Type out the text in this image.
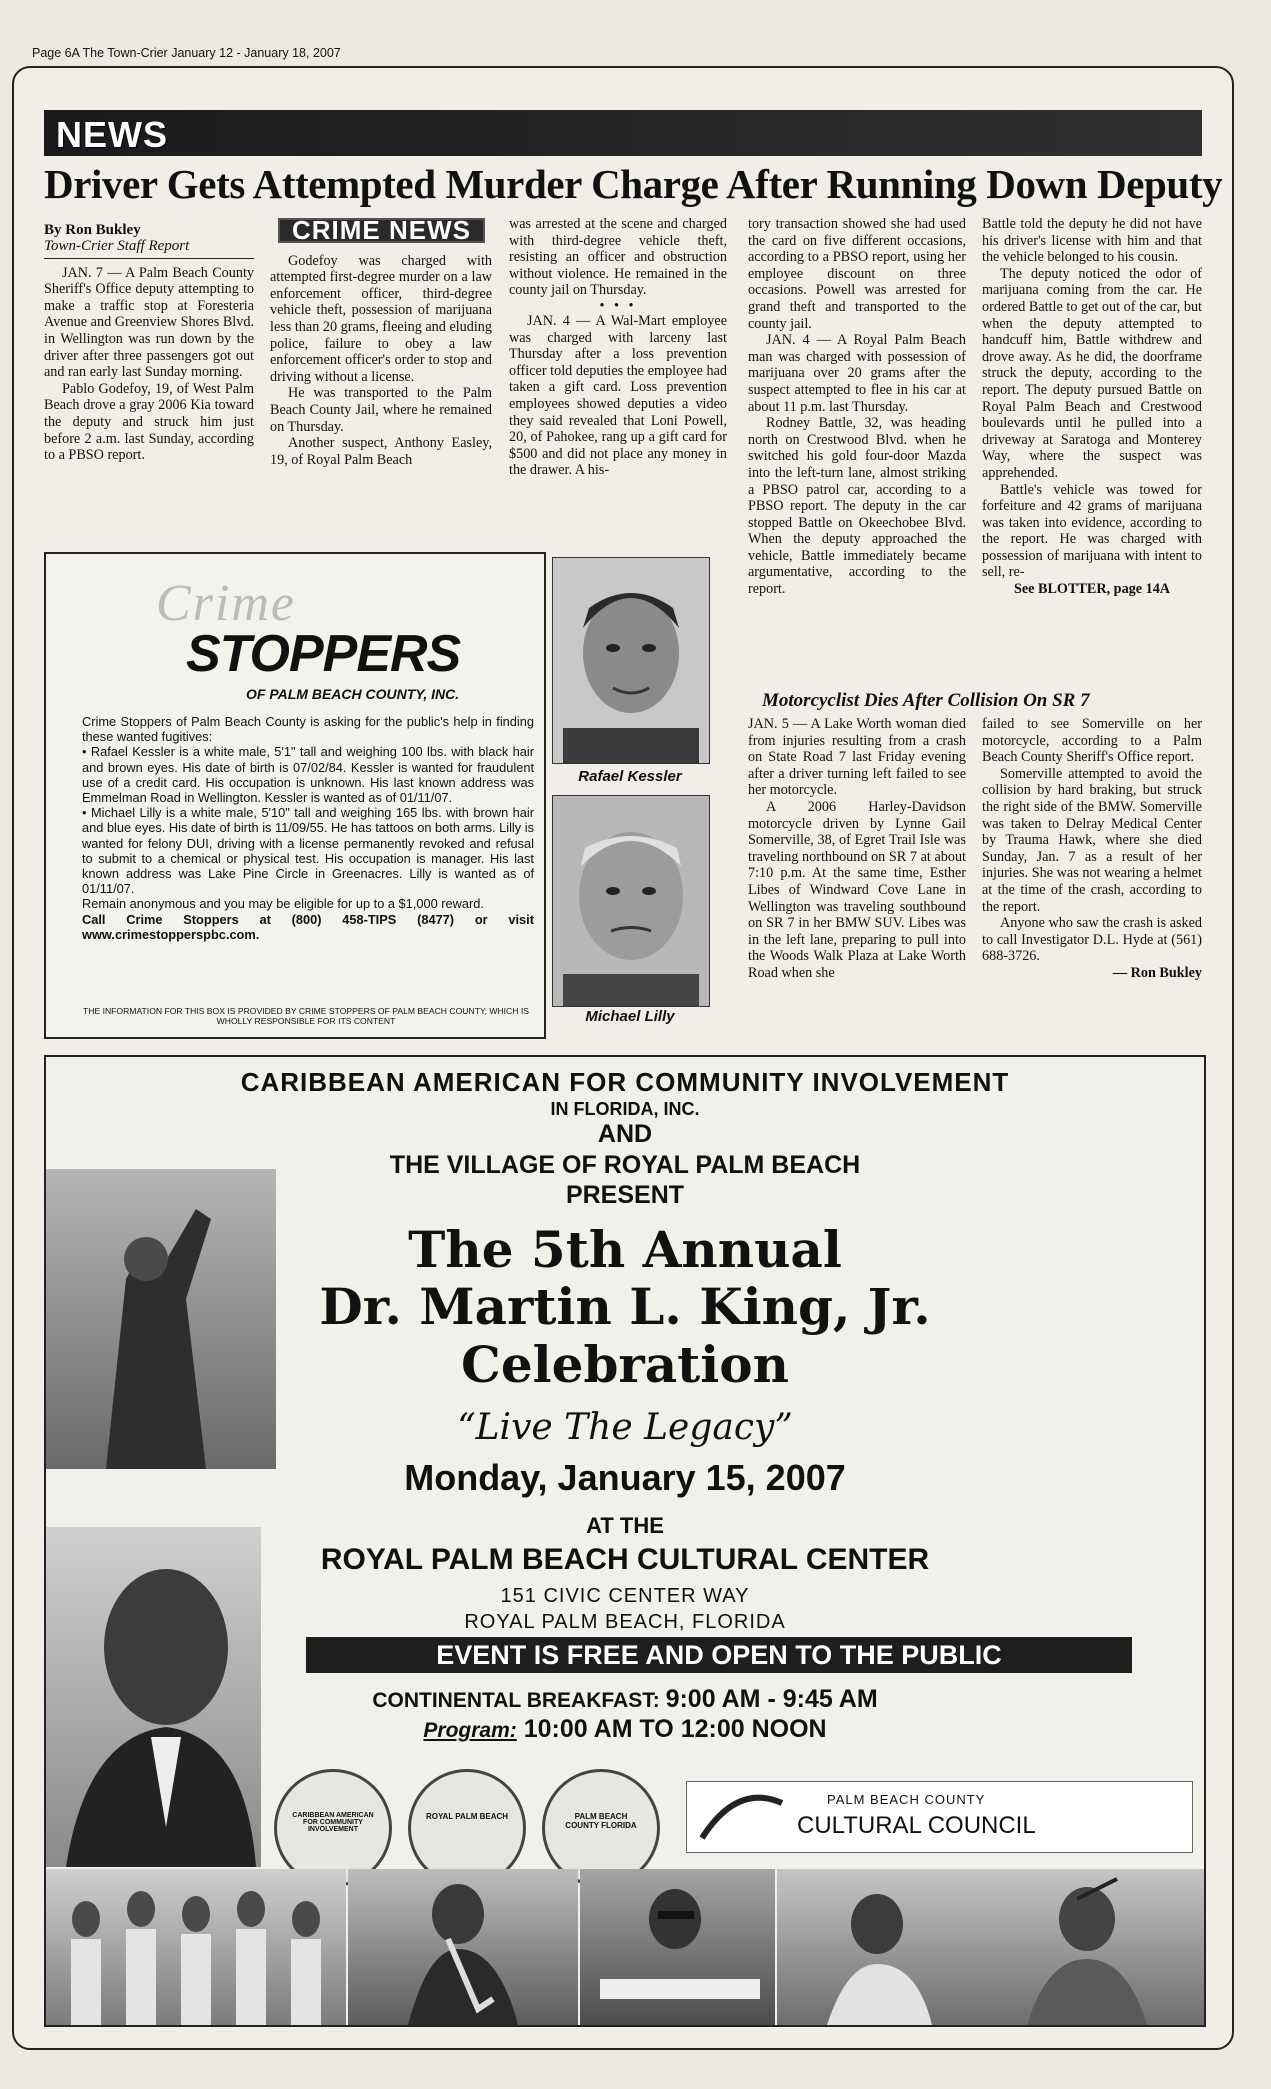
Page 6A The Town-Crier January 12 - January 18, 2007
NEWS
Driver Gets Attempted Murder Charge After Running Down Deputy
By Ron Bukley
Town-Crier Staff Report

JAN. 7 — A Palm Beach County Sheriff's Office deputy attempting to make a traffic stop at Foresteria Avenue and Greenview Shores Blvd. in Wellington was run down by the driver after three passengers got out and ran early last Sunday morning.

Pablo Godefoy, 19, of West Palm Beach drove a gray 2006 Kia toward the deputy and struck him just before 2 a.m. last Sunday, according to a PBSO report.

CRIME NEWS

Godefoy was charged with attempted first-degree murder on a law enforcement officer, third-degree vehicle theft, possession of marijuana less than 20 grams, fleeing and eluding police, failure to obey a law enforcement officer's order to stop and driving without a license.

He was transported to the Palm Beach County Jail, where he remained on Thursday.

Another suspect, Anthony Easley, 19, of Royal Palm Beach

was arrested at the scene and charged with third-degree vehicle theft, resisting an officer and obstruction without violence. He remained in the county jail on Thursday.

• • •

JAN. 4 — A Wal-Mart employee was charged with larceny last Thursday after a loss prevention officer told deputies the employee had taken a gift card. Loss prevention employees showed deputies a video they said revealed that Loni Powell, 20, of Pahokee, rang up a gift card for $500 and did not place any money in the drawer. A his-

tory transaction showed she had used the card on five different occasions, according to a PBSO report, using her employee discount on three occasions. Powell was arrested for grand theft and transported to the county jail.

JAN. 4 — A Royal Palm Beach man was charged with possession of marijuana over 20 grams after the suspect attempted to flee in his car at about 11 p.m. last Thursday.

Rodney Battle, 32, was heading north on Crestwood Blvd. when he switched his gold four-door Mazda into the left-turn lane, almost striking a PBSO patrol car, according to a PBSO report. The deputy in the car stopped Battle on Okeechobee Blvd. When the deputy approached the vehicle, Battle immediately became argumentative, according to the report.

Battle told the deputy he did not have his driver's license with him and that the vehicle belonged to his cousin.

The deputy noticed the odor of marijuana coming from the car. He ordered Battle to get out of the car, but when the deputy attempted to handcuff him, Battle withdrew and drove away. As he did, the doorframe struck the deputy, according to the report. The deputy pursued Battle on Royal Palm Beach and Crestwood boulevards until he pulled into a driveway at Saratoga and Monterey Way, where the suspect was apprehended.

Battle's vehicle was towed for forfeiture and 42 grams of marijuana was taken into evidence, according to the report. He was charged with possession of marijuana with intent to sell, re-

See BLOTTER, page 14A
Crime
STOPPERS
OF PALM BEACH COUNTY, INC.

Crime Stoppers of Palm Beach County is asking for the public's help in finding these wanted fugitives:

• Rafael Kessler is a white male, 5'1" tall and weighing 100 lbs. with black hair and brown eyes. His date of birth is 07/02/84. Kessler is wanted for fraudulent use of a credit card. His occupation is unknown. His last known address was Emmelman Road in Wellington. Kessler is wanted as of 01/11/07.

• Michael Lilly is a white male, 5'10" tall and weighing 165 lbs. with brown hair and blue eyes. His date of birth is 11/09/55. He has tattoos on both arms. Lilly is wanted for felony DUI, driving with a license permanently revoked and refusal to submit to a chemical or physical test. His occupation is manager. His last known address was Lake Pine Circle in Greenacres. Lilly is wanted as of 01/11/07.

Remain anonymous and you may be eligible for up to a $1,000 reward.

Call Crime Stoppers at (800) 458-TIPS (8477) or visit www.crimestopperspbc.com.

THE INFORMATION FOR THIS BOX IS PROVIDED BY CRIME STOPPERS OF PALM BEACH COUNTY, WHICH IS WHOLLY RESPONSIBLE FOR ITS CONTENT
Rafael Kessler
Michael Lilly
Motorcyclist Dies After Collision On SR 7

JAN. 5 — A Lake Worth woman died from injuries resulting from a crash on State Road 7 last Friday evening after a driver turning left failed to see her motorcycle.

A 2006 Harley-Davidson motorcycle driven by Lynne Gail Somerville, 38, of Egret Trail Isle was traveling northbound on SR 7 at about 7:10 p.m. At the same time, Esther Libes of Windward Cove Lane in Wellington was traveling southbound on SR 7 in her BMW SUV. Libes was in the left lane, preparing to pull into the Woods Walk Plaza at Lake Worth Road when she

failed to see Somerville on her motorcycle, according to a Palm Beach County Sheriff's Office report.

Somerville attempted to avoid the collision by hard braking, but struck the right side of the BMW. Somerville was taken to Delray Medical Center by Trauma Hawk, where she died Sunday, Jan. 7 as a result of her injuries. She was not wearing a helmet at the time of the crash, according to the report.

Anyone who saw the crash is asked to call Investigator D.L. Hyde at (561) 688-3726.

— Ron Bukley
CARIBBEAN AMERICAN FOR COMMUNITY INVOLVEMENT
IN FLORIDA, INC.
AND
THE VILLAGE OF ROYAL PALM BEACH
PRESENT
The 5th Annual
Dr. Martin L. King, Jr.
Celebration
“Live The Legacy”
Monday, January 15, 2007
AT THE
ROYAL PALM BEACH CULTURAL CENTER
151 CIVIC CENTER WAY
ROYAL PALM BEACH, FLORIDA
EVENT IS FREE AND OPEN TO THE PUBLIC
CONTINENTAL BREAKFAST: 9:00 AM - 9:45 AM
Program: 10:00 AM TO 12:00 NOON
CARIBBEAN AMERICAN FOR COMMUNITY INVOLVEMENT
ROYAL PALM BEACH	PALM BEACH COUNTY FLORIDA
PALM BEACH COUNTY
CULTURAL COUNCIL
